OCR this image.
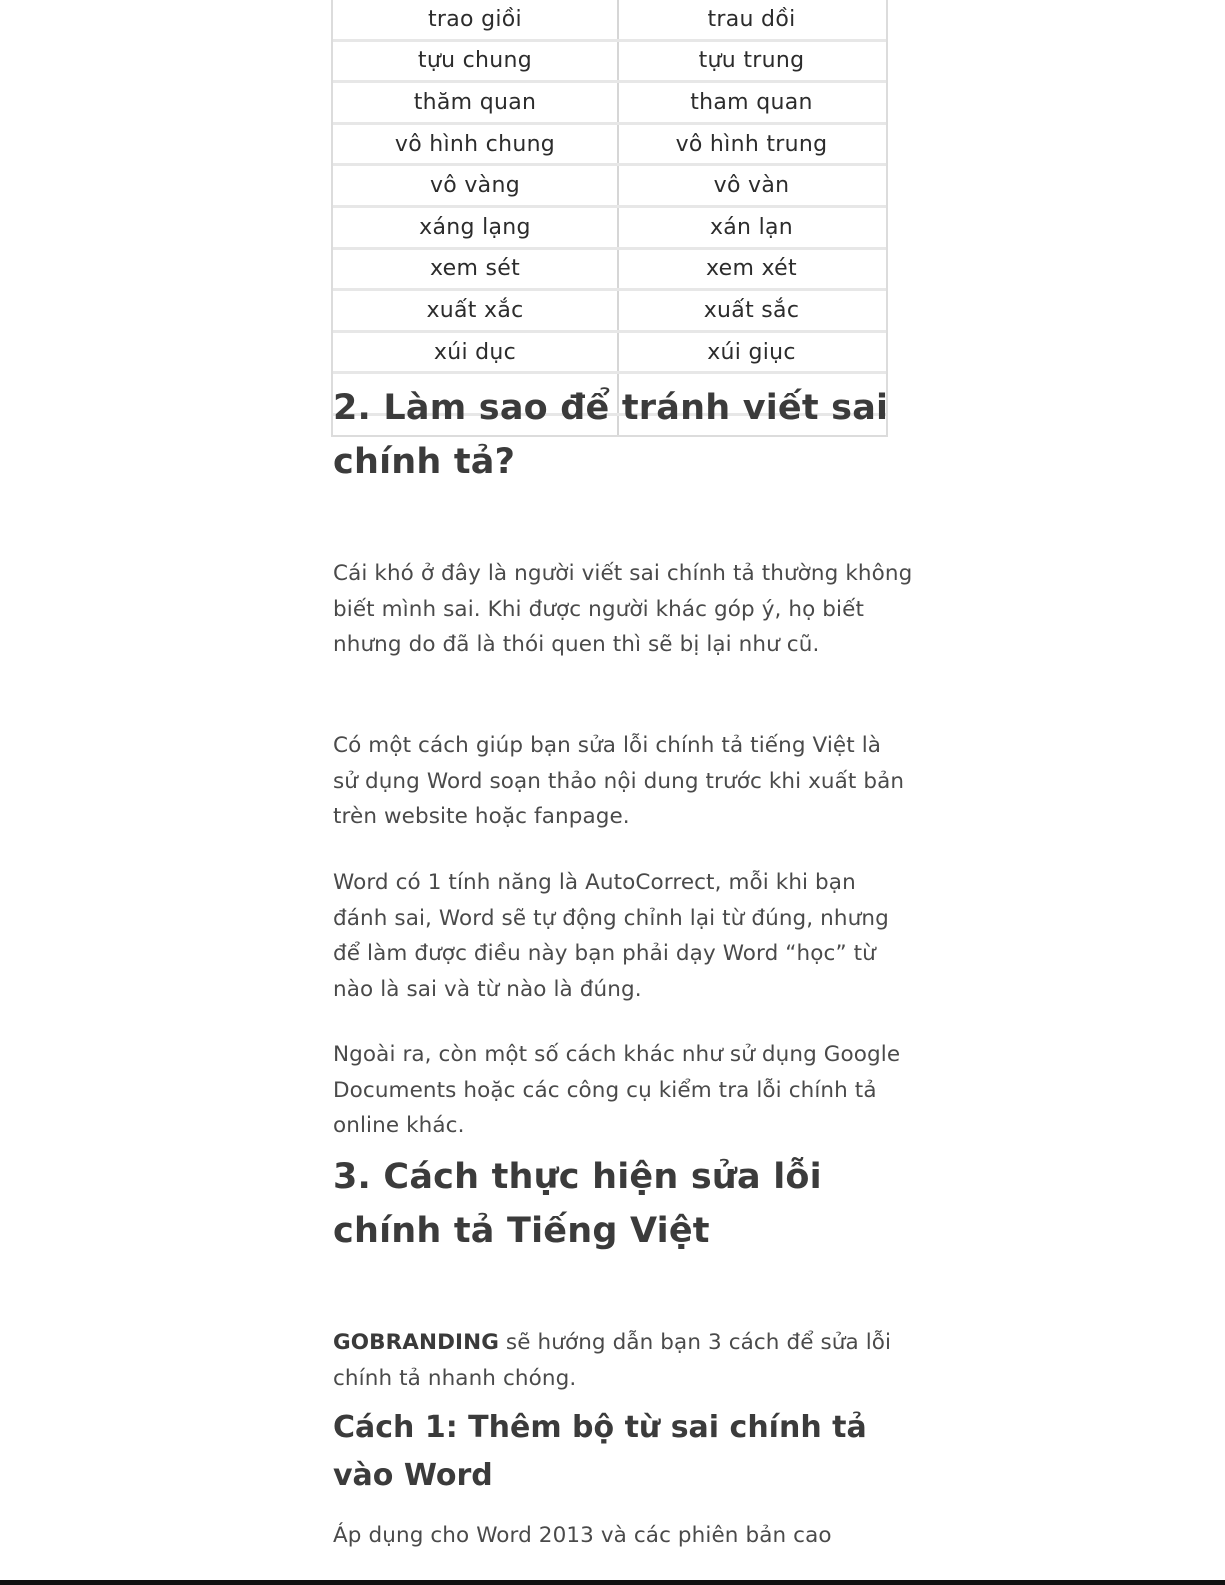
trao giồi	trau dồi
tựu chung	tựu trung
thăm quan	tham quan
vô hình chung	vô hình trung
vô vàng	vô vàn
xáng lạng	xán lạn
xem sét	xem xét
xuất xắc	xuất sắc
xúi dục	xúi giục
2. Làm sao để tránh viết sai chính tả?

Cái khó ở đây là người viết sai chính tả thường không biết mình sai. Khi được người khác góp ý, họ biết nhưng do đã là thói quen thì sẽ bị lại như cũ.

Có một cách giúp bạn sửa lỗi chính tả tiếng Việt là sử dụng Word soạn thảo nội dung trước khi xuất bản trèn website hoặc fanpage.

Word có 1 tính năng là AutoCorrect, mỗi khi bạn đánh sai, Word sẽ tự động chỉnh lại từ đúng, nhưng để làm được điều này bạn phải dạy Word “học” từ nào là sai và từ nào là đúng.

Ngoài ra, còn một số cách khác như sử dụng Google Documents hoặc các công cụ kiểm tra lỗi chính tả online khác.

3. Cách thực hiện sửa lỗi chính tả Tiếng Việt

GOBRANDING sẽ hướng dẫn bạn 3 cách để sửa lỗi chính tả nhanh chóng.

Cách 1: Thêm bộ từ sai chính tả vào Word

Áp dụng cho Word 2013 và các phiên bản cao
